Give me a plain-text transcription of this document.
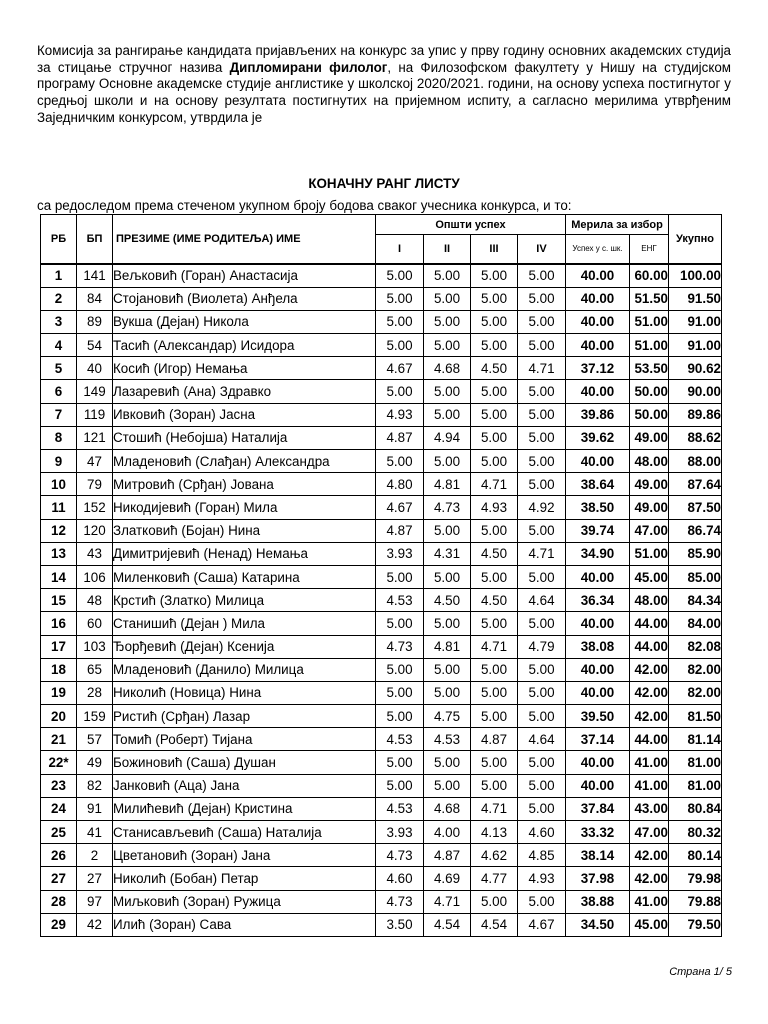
Комисија за рангирање кандидата пријављених на конкурс за упис у прву годину основних академских студија за стицање стручног назива Дипломирани филолог, на Филозофском факултету у Нишу на студијском програму Основне академске студије англистике у школској 2020/2021. години, на основу успеха постигнутог у средњој школи и на основу резултата постигнутих на пријемном испиту, а сагласно мерилима утврђеним Заједничким конкурсом, утврдила је

КОНАЧНУ РАНГ ЛИСТУ

са редоследом према стеченом укупном броју бодова сваког учесника конкурса, и то:

РБ	БП	ПРЕЗИМЕ (ИМЕ РОДИТЕЉА) ИМЕ	Општи успех				Мерила за избор		Укупно
			I	II	III	IV	Успех у с. шк.	ЕНГ	
1	141	Вељковић (Горан) Анастасија	5.00	5.00	5.00	5.00	40.00	60.00	100.00
2	84	Стојановић (Виолета) Анђела	5.00	5.00	5.00	5.00	40.00	51.50	91.50
3	89	Вукша (Дејан) Никола	5.00	5.00	5.00	5.00	40.00	51.00	91.00
4	54	Тасић (Александар) Исидора	5.00	5.00	5.00	5.00	40.00	51.00	91.00
5	40	Косић (Игор) Немања	4.67	4.68	4.50	4.71	37.12	53.50	90.62
6	149	Лазаревић (Ана) Здравко	5.00	5.00	5.00	5.00	40.00	50.00	90.00
7	119	Ивковић (Зоран) Јасна	4.93	5.00	5.00	5.00	39.86	50.00	89.86
8	121	Стошић (Небојша) Наталија	4.87	4.94	5.00	5.00	39.62	49.00	88.62
9	47	Младеновић (Слађан) Александра	5.00	5.00	5.00	5.00	40.00	48.00	88.00
10	79	Митровић (Срђан) Јована	4.80	4.81	4.71	5.00	38.64	49.00	87.64
11	152	Никодијевић (Горан) Мила	4.67	4.73	4.93	4.92	38.50	49.00	87.50
12	120	Златковић (Бојан) Нина	4.87	5.00	5.00	5.00	39.74	47.00	86.74
13	43	Димитријевић (Ненад) Немања	3.93	4.31	4.50	4.71	34.90	51.00	85.90
14	106	Миленковић (Саша) Катарина	5.00	5.00	5.00	5.00	40.00	45.00	85.00
15	48	Крстић (Златко) Милица	4.53	4.50	4.50	4.64	36.34	48.00	84.34
16	60	Станишић (Дејан ) Мила	5.00	5.00	5.00	5.00	40.00	44.00	84.00
17	103	Ђорђевић (Дејан) Ксенија	4.73	4.81	4.71	4.79	38.08	44.00	82.08
18	65	Младеновић (Данило) Милица	5.00	5.00	5.00	5.00	40.00	42.00	82.00
19	28	Николић (Новица) Нина	5.00	5.00	5.00	5.00	40.00	42.00	82.00
20	159	Ристић (Срђан) Лазар	5.00	4.75	5.00	5.00	39.50	42.00	81.50
21	57	Томић (Роберт) Тијана	4.53	4.53	4.87	4.64	37.14	44.00	81.14
22*	49	Божиновић (Саша) Душан	5.00	5.00	5.00	5.00	40.00	41.00	81.00
23	82	Јанковић (Аца) Јана	5.00	5.00	5.00	5.00	40.00	41.00	81.00
24	91	Милићевић (Дејан) Кристина	4.53	4.68	4.71	5.00	37.84	43.00	80.84
25	41	Станисављевић (Саша) Наталија	3.93	4.00	4.13	4.60	33.32	47.00	80.32
26	2	Цветановић (Зоран) Јана	4.73	4.87	4.62	4.85	38.14	42.00	80.14
27	27	Николић (Бобан) Петар	4.60	4.69	4.77	4.93	37.98	42.00	79.98
28	97	Миљковић (Зоран) Ружица	4.73	4.71	5.00	5.00	38.88	41.00	79.88
29	42	Илић (Зоран) Сава	3.50	4.54	4.54	4.67	34.50	45.00	79.50

Страна 1/ 5
